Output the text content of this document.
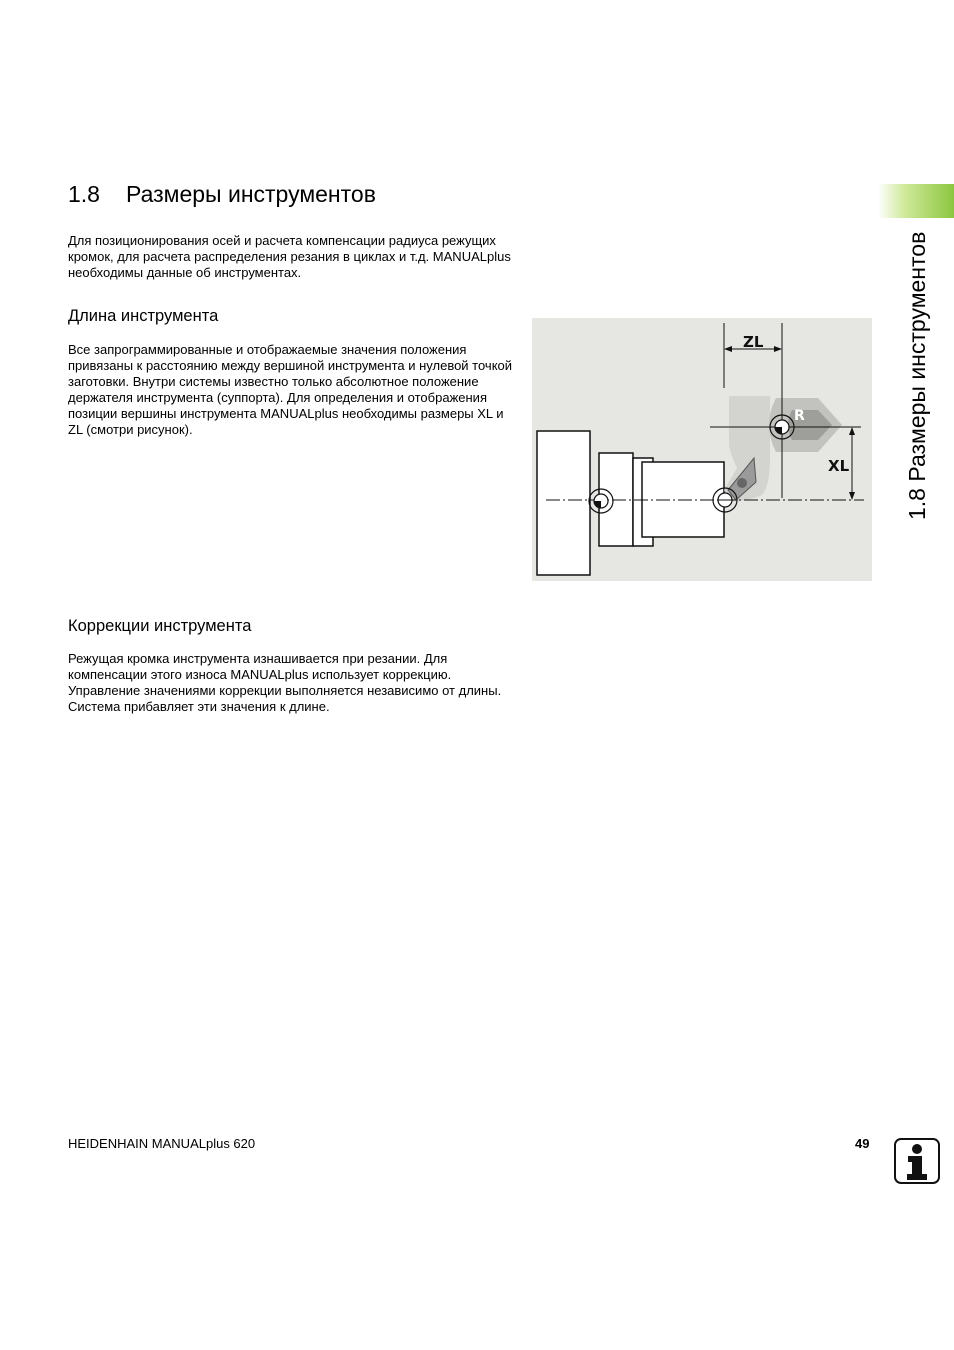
1.8 Размеры инструментов

Для позиционирования осей и расчета компенсации радиуса режущих кромок, для расчета распределения резания в циклах и т.д. MANUALplus необходимы данные об инструментах.

Длина инструмента

Все запрограммированные и отображаемые значения положения привязаны к расстоянию между вершиной инструмента и нулевой точкой заготовки. Внутри системы известно только абсолютное положение держателя инструмента (суппорта). Для определения и отображения позиции вершины инструмента MANUALplus необходимы размеры XL и ZL (смотри рисунок).	1.8 Размеры инструментов
ZL
XL
R
Коррекции инструмента

Режущая кромка инструмента изнашивается при резании. Для компенсации этого износа MANUALplus использует коррекцию. Управление значениями коррекции выполняется независимо от длины. Система прибавляет эти значения к длине.

HEIDENHAIN MANUALplus 620	49
